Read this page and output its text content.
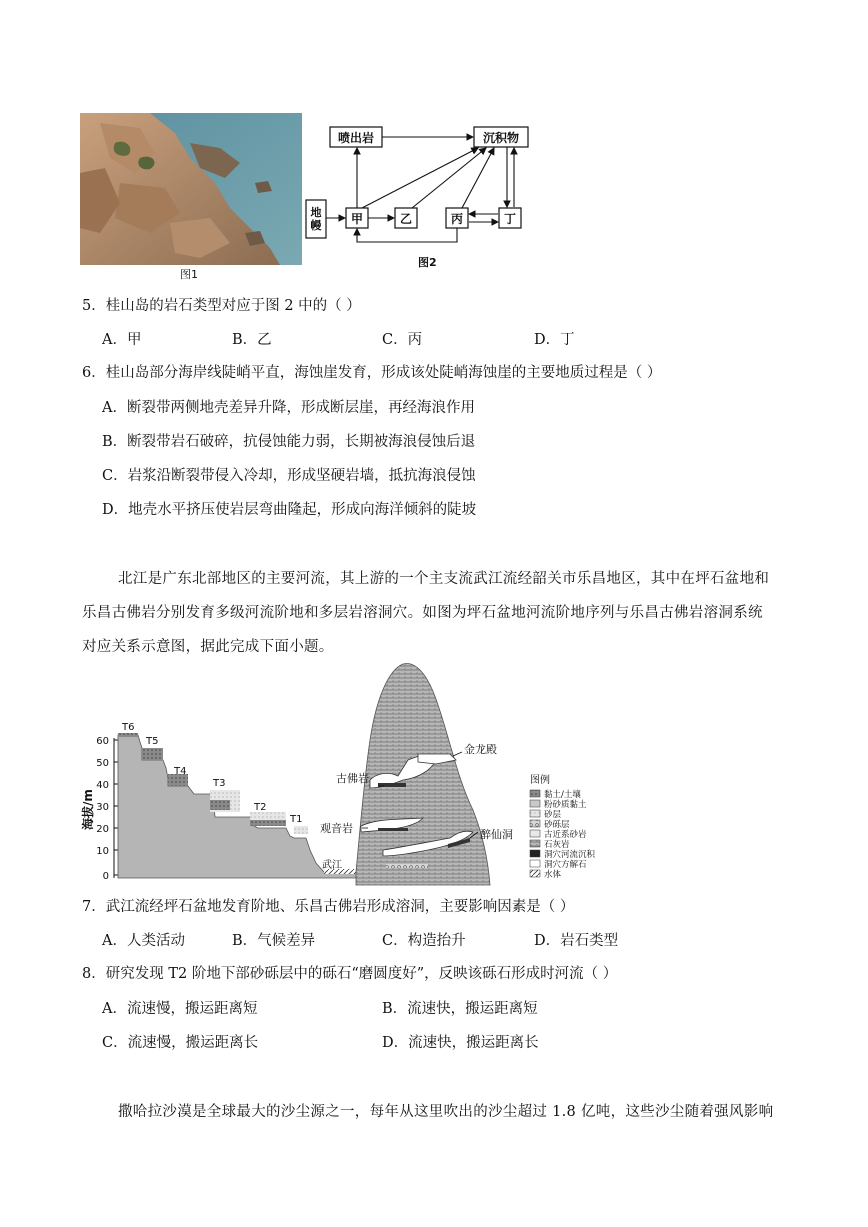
图1
喷出岩	沉积物
甲	乙	丙	丁
地幔
图2
5．桂山岛的岩石类型对应于图 2 中的（ ）
A．甲	B．乙	C．丙	D．丁
6．桂山岛部分海岸线陡峭平直，海蚀崖发育，形成该处陡峭海蚀崖的主要地质过程是（ ）
A．断裂带两侧地壳差异升降，形成断层崖，再经海浪作用
B．断裂带岩石破碎，抗侵蚀能力弱，长期被海浪侵蚀后退
C．岩浆沿断裂带侵入冷却，形成坚硬岩墙，抵抗海浪侵蚀
D．地壳水平挤压使岩层弯曲隆起，形成向海洋倾斜的陡坡
北江是广东北部地区的主要河流，其上游的一个主支流武江流经韶关市乐昌地区，其中在坪石盆地和
乐昌古佛岩分别发育多级河流阶地和多层岩溶洞穴。如图为坪石盆地河流阶地序列与乐昌古佛岩溶洞系统
对应关系示意图，据此完成下面小题。
60
50
40
30
20
10
0
海拔/m
T6
T5
T4
T3
T2
T1
武江
金龙殿
古佛岩
观音岩	醉仙洞
图例
黏土/土壤
粉砂质黏土
砂层
砂砾层
古近系砂岩
石灰岩
洞穴河流沉积
洞穴方解石
水体
7．武江流经坪石盆地发育阶地、乐昌古佛岩形成溶洞，主要影响因素是（ ）
A．人类活动	B．气候差异	C．构造抬升	D．岩石类型
8．研究发现 T2 阶地下部砂砾层中的砾石“磨圆度好”，反映该砾石形成时河流（ ）
A．流速慢，搬运距离短	B．流速快，搬运距离短
C．流速慢，搬运距离长	D．流速快，搬运距离长
撒哈拉沙漠是全球最大的沙尘源之一，每年从这里吹出的沙尘超过 1.8 亿吨，这些沙尘随着强风影响
